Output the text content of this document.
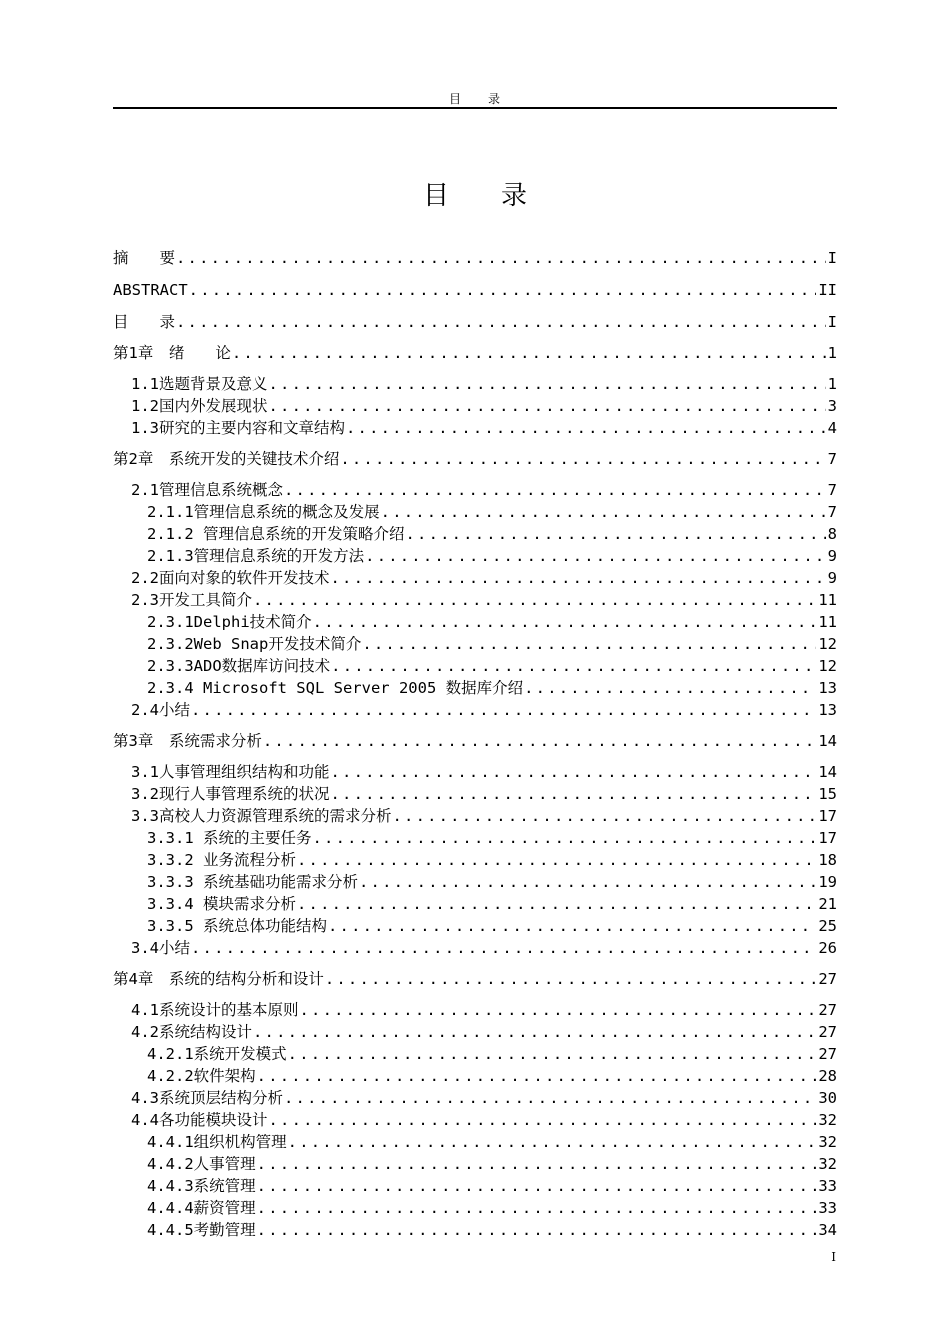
目　　录
目　　录
摘　　要 .....	I
ABSTRACT .....	II
目　　录 .....	I
第1章　绪　　论 .....	1
1.1选题背景及意义 .....	1
1.2国内外发展现状 .....	3
1.3研究的主要内容和文章结构 .....	4
第2章　系统开发的关键技术介绍 .....	7
2.1管理信息系统概念 .....	7
2.1.1管理信息系统的概念及发展 .....	7
2.1.2 管理信息系统的开发策略介绍 .....	8
2.1.3管理信息系统的开发方法 .....	9
2.2面向对象的软件开发技术 .....	9
2.3开发工具简介 .....	11
2.3.1Delphi技术简介 .....	11
2.3.2Web Snap开发技术简介 .....	12
2.3.3ADO数据库访问技术 .....	12
2.3.4 Microsoft SQL Server 2005 数据库介绍 .....	13
2.4小结 .....	13
第3章　系统需求分析 .....	14
3.1人事管理组织结构和功能 .....	14
3.2现行人事管理系统的状况 .....	15
3.3高校人力资源管理系统的需求分析 .....	17
3.3.1 系统的主要任务 .....	17
3.3.2 业务流程分析 .....	18
3.3.3 系统基础功能需求分析 .....	19
3.3.4 模块需求分析 .....	21
3.3.5 系统总体功能结构 .....	25
3.4小结 .....	26
第4章　系统的结构分析和设计 .....	27
4.1系统设计的基本原则 .....	27
4.2系统结构设计 .....	27
4.2.1系统开发模式 .....	27
4.2.2软件架构 .....	28
4.3系统顶层结构分析 .....	30
4.4各功能模块设计 .....	32
4.4.1组织机构管理 .....	32
4.4.2人事管理 .....	32
4.4.3系统管理 .....	33
4.4.4薪资管理 .....	33
4.4.5考勤管理 .....	34
I
